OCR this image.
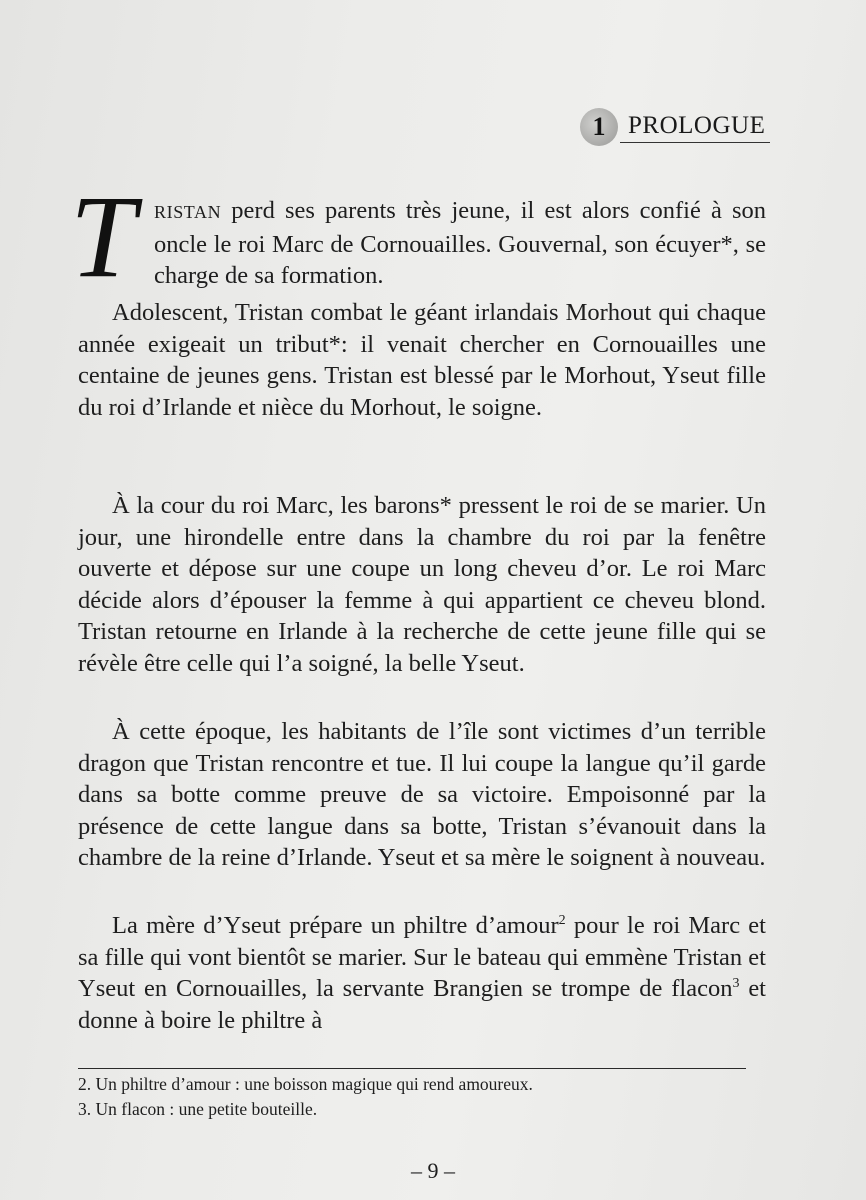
1 PROLOGUE

T RISTAN perd ses parents très jeune, il est alors confié à son oncle le roi Marc de Cornouailles. Gouvernal, son écuyer*, se charge de sa formation.

Adolescent, Tristan combat le géant irlandais Morhout qui chaque année exigeait un tribut*: il venait chercher en Cornouailles une centaine de jeunes gens. Tristan est blessé par le Morhout, Yseut fille du roi d’Irlande et nièce du Morhout, le soigne.

À la cour du roi Marc, les barons* pressent le roi de se marier. Un jour, une hirondelle entre dans la chambre du roi par la fenêtre ouverte et dépose sur une coupe un long cheveu d’or. Le roi Marc décide alors d’épouser la femme à qui appartient ce cheveu blond. Tristan retourne en Irlande à la recherche de cette jeune fille qui se révèle être celle qui l’a soigné, la belle Yseut.

À cette époque, les habitants de l’île sont victimes d’un terrible dragon que Tristan rencontre et tue. Il lui coupe la langue qu’il garde dans sa botte comme preuve de sa victoire. Empoisonné par la présence de cette langue dans sa botte, Tristan s’évanouit dans la chambre de la reine d’Irlande. Yseut et sa mère le soignent à nouveau.

La mère d’Yseut prépare un philtre d’amour$^2$ pour le roi Marc et sa fille qui vont bientôt se marier. Sur le bateau qui emmène Tristan et Yseut en Cornouailles, la servante Brangien se trompe de flacon$^3$ et donne à boire le philtre à

2. Un philtre d’amour : une boisson magique qui rend amoureux.
3. Un flacon : une petite bouteille.
– 9 –
